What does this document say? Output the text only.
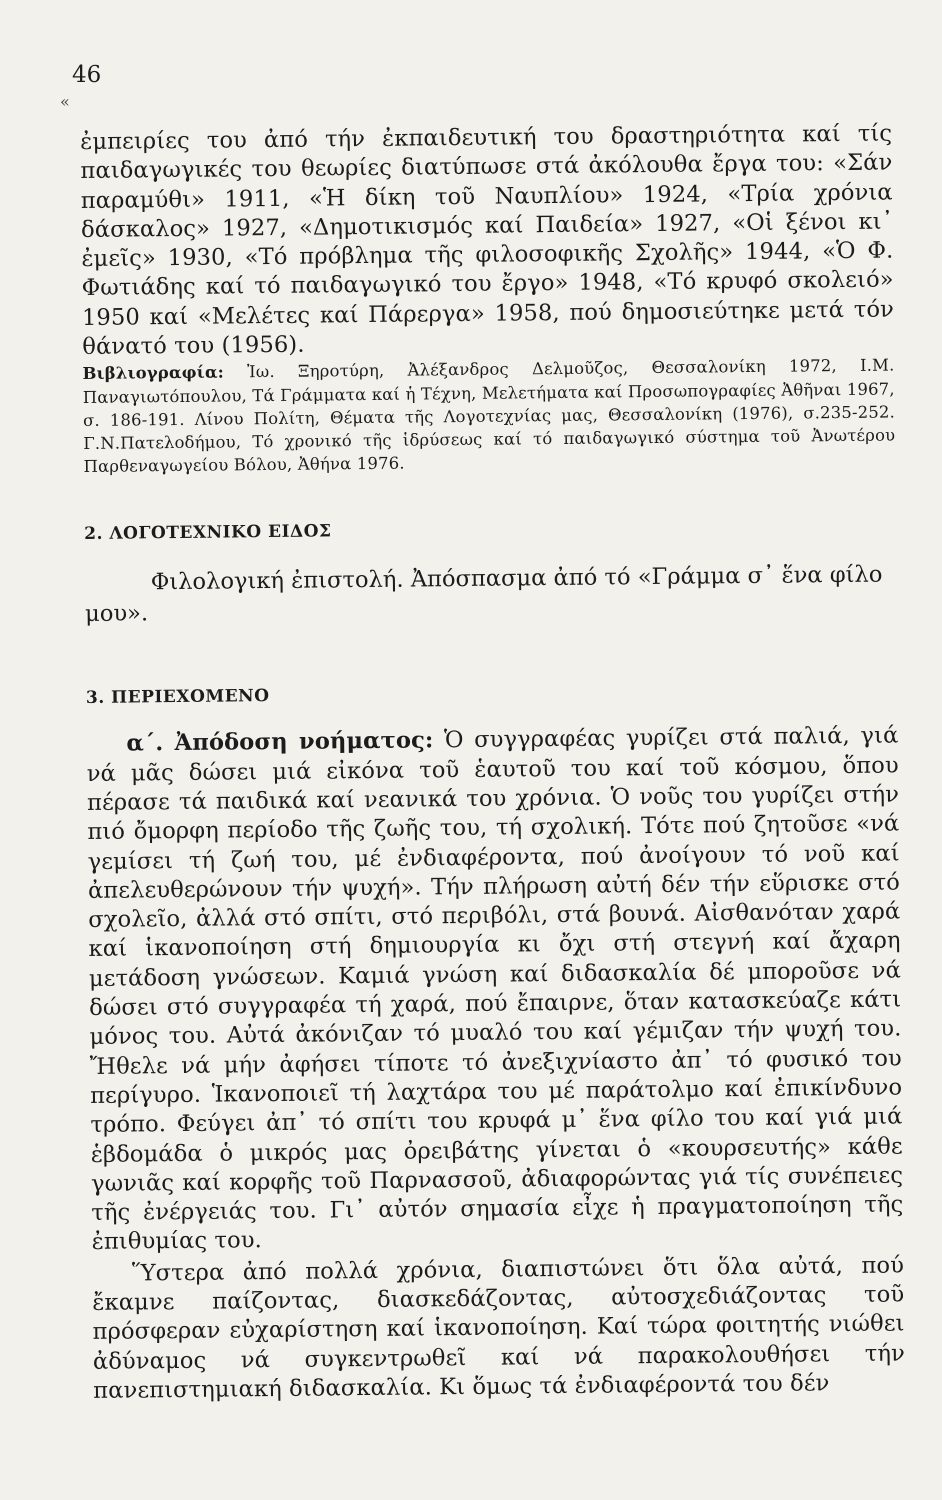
46
«

ἐμπειρίες του ἀπό τήν ἐκπαιδευτική του δραστηριότητα καί τίς παιδαγωγικές του θεωρίες διατύπωσε στά ἀκόλουθα ἔργα του: «Σάν παραμύθι» 1911, «Ἡ δίκη τοῦ Ναυπλίου» 1924, «Τρία χρόνια δάσκαλος» 1927, «Δημοτικισμός καί Παιδεία» 1927, «Οἱ ξένοι κι᾿ ἐμεῖς» 1930, «Τό πρόβλημα τῆς φιλοσοφικῆς Σχολῆς» 1944, «Ὁ Φ. Φωτιάδης καί τό παιδαγωγικό του ἔργο» 1948, «Τό κρυφό σκολειό» 1950 καί «Μελέτες καί Πάρεργα» 1958, πού δημοσιεύτηκε μετά τόν θάνατό του (1956).

Βιβλιογραφία: Ἰω. Ξηροτύρη, Ἀλέξανδρος Δελμοῦζος, Θεσσαλονίκη 1972, Ι.Μ. Παναγιωτόπουλου, Τά Γράμματα καί ἡ Τέχνη, Μελετήματα καί Προσωπογραφίες Ἀθῆναι 1967, σ. 186-191. Λίνου Πολίτη, Θέματα τῆς Λογοτεχνίας μας, Θεσσαλονίκη (1976), σ.235-252. Γ.Ν.Πατελοδήμου, Τό χρονικό τῆς ἱδρύσεως καί τό παιδαγωγικό σύστημα τοῦ Ἀνωτέρου Παρθεναγωγείου Βόλου, Ἀθήνα 1976.

2. ΛΟΓΟΤΕΧΝΙΚΟ ΕΙΔΟΣ

Φιλολογική ἐπιστολή. Ἀπόσπασμα ἀπό τό «Γράμμα σ᾿ ἕνα φίλο μου».

3. ΠΕΡΙΕΧΟΜΕΝΟ

α΄. Ἀπόδοση νοήματος: Ὁ συγγραφέας γυρίζει στά παλιά, γιά νά μᾶς δώσει μιά εἰκόνα τοῦ ἑαυτοῦ του καί τοῦ κόσμου, ὅπου πέρασε τά παιδικά καί νεανικά του χρόνια. Ὁ νοῦς του γυρίζει στήν πιό ὄμορφη περίοδο τῆς ζωῆς του, τή σχολική. Τότε πού ζητοῦσε «νά γεμίσει τή ζωή του, μέ ἐνδιαφέροντα, πού ἀνοίγουν τό νοῦ καί ἀπελευθερώνουν τήν ψυχή». Τήν πλήρωση αὐτή δέν τήν εὕρισκε στό σχολεῖο, ἀλλά στό σπίτι, στό περιβόλι, στά βουνά. Αἰσθανόταν χαρά καί ἱκανοποίηση στή δημιουργία κι ὄχι στή στεγνή καί ἄχαρη μετάδοση γνώσεων. Καμιά γνώση καί διδασκαλία δέ μποροῦσε νά δώσει στό συγγραφέα τή χαρά, πού ἔπαιρνε, ὅταν κατασκεύαζε κάτι μόνος του. Αὐτά ἀκόνιζαν τό μυαλό του καί γέμιζαν τήν ψυχή του. Ἤθελε νά μήν ἀφήσει τίποτε τό ἀνεξιχνίαστο ἀπ᾿ τό φυσικό του περίγυρο. Ἱκανοποιεῖ τή λαχτάρα του μέ παράτολμο καί ἐπικίνδυνο τρόπο. Φεύγει ἀπ᾿ τό σπίτι του κρυφά μ᾿ ἕνα φίλο του καί γιά μιά ἑβδομάδα ὁ μικρός μας ὀρειβάτης γίνεται ὁ «κουρσευτής» κάθε γωνιᾶς καί κορφῆς τοῦ Παρνασσοῦ, ἀδιαφορώντας γιά τίς συνέπειες τῆς ἐνέργειάς του. Γι᾿ αὐτόν σημασία εἶχε ἡ πραγματοποίηση τῆς ἐπιθυμίας του.

Ὕστερα ἀπό πολλά χρόνια, διαπιστώνει ὅτι ὅλα αὐτά, πού ἔκαμνε παίζοντας, διασκεδάζοντας, αὐτοσχεδιάζοντας τοῦ πρόσφεραν εὐχαρίστηση καί ἱκανοποίηση. Καί τώρα φοιτητής νιώθει ἀδύναμος νά συγκεντρωθεῖ καί νά παρακολουθήσει τήν πανεπιστημιακή διδασκαλία. Κι ὅμως τά ἐνδιαφέροντά του δέν
